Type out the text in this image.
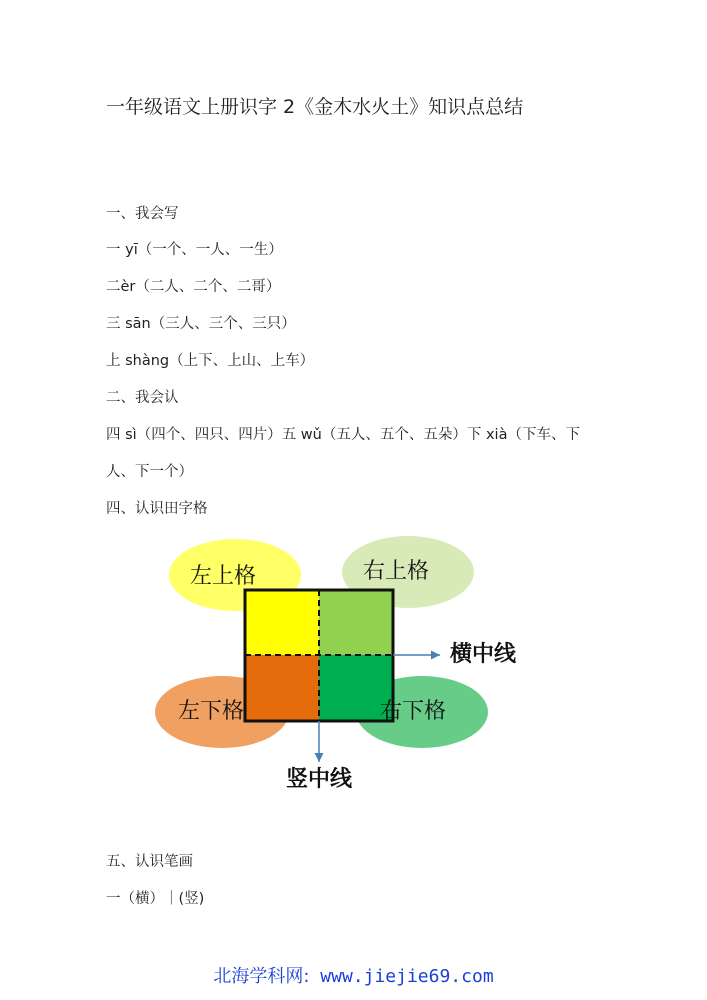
一年级语文上册识字 2《金木水火土》知识点总结
一、我会写
一 yī（一个、一人、一生）
二èr（二人、二个、二哥）
三 sān（三人、三个、三只）
上 shàng（上下、上山、上车）
二、我会认
四 sì（四个、四只、四片）五 wǔ（五人、五个、五朵）下 xià（下车、下
人、下一个）
四、认识田字格
左上格	右上格
左下格	右下格
横中线
竖中线
五、认识笔画
一（横）｜(竖)
北海学科网: www.jiejie69.com
